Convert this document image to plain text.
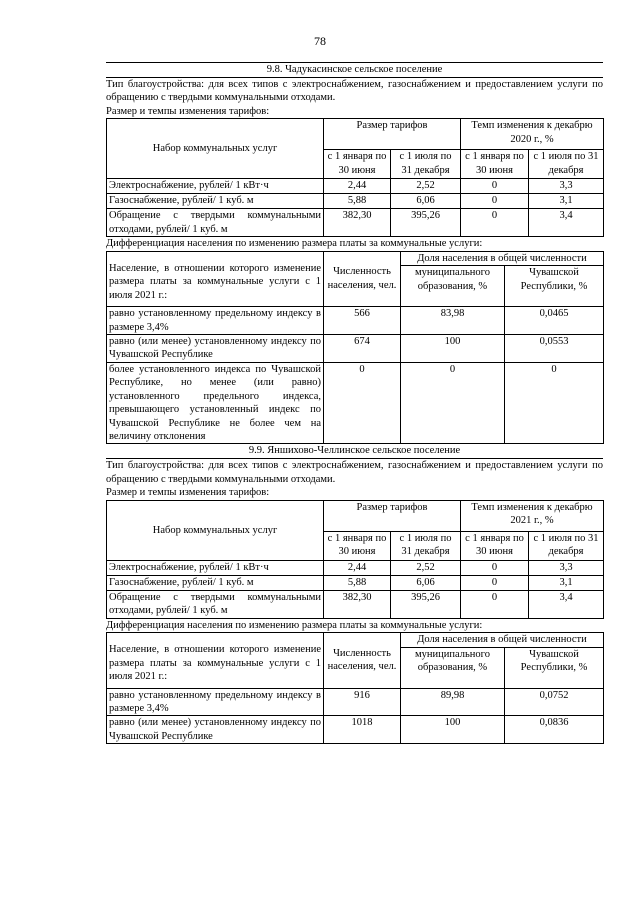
78
9.8. Чадукасинское сельское поселение
Тип благоустройства: для всех типов с электроснабжением, газоснабжением и предоставлением услуги по обращению с твердыми коммунальными отходами.
Размер и темпы изменения тарифов:
Набор коммунальных услуг	Размер тарифов		Темп изменения к декабрю 2020 г., %	
	с 1 января по 30 июня	с 1 июля по 31 декабря	с 1 января по 30 июня	с 1 июля по 31 декабря
Электроснабжение, рублей/ 1 кВт·ч	2,44	2,52	0	3,3
Газоснабжение, рублей/ 1 куб. м	5,88	6,06	0	3,1
Обращение с твердыми коммунальными отходами, рублей/ 1 куб. м	382,30	395,26	0	3,4
Дифференциация населения по изменению размера платы за коммунальные услуги:
Население, в отношении которого изменение размера платы за коммунальные услуги с 1 июля 2021 г.:	Численность населения, чел.	Доля населения в общей численности	
		муниципального образования, %	Чувашской Республики, %
равно установленному предельному индексу в размере 3,4%	566	83,98	0,0465
равно (или менее) установленному индексу по Чувашской Республике	674	100	0,0553
более установленного индекса по Чувашской Республике, но менее (или равно) установленного предельного индекса, превышающего установленный индекс по Чувашской Республике не более чем на величину отклонения	0	0	0
9.9. Яншихово-Челлинское сельское поселение
Тип благоустройства: для всех типов с электроснабжением, газоснабжением и предоставлением услуги по обращению с твердыми коммунальными отходами.
Размер и темпы изменения тарифов:
Набор коммунальных услуг	Размер тарифов		Темп изменения к декабрю 2021 г., %	
	с 1 января по 30 июня	с 1 июля по 31 декабря	с 1 января по 30 июня	с 1 июля по 31 декабря
Электроснабжение, рублей/ 1 кВт·ч	2,44	2,52	0	3,3
Газоснабжение, рублей/ 1 куб. м	5,88	6,06	0	3,1
Обращение с твердыми коммунальными отходами, рублей/ 1 куб. м	382,30	395,26	0	3,4
Дифференциация населения по изменению размера платы за коммунальные услуги:
Население, в отношении которого изменение размера платы за коммунальные услуги с 1 июля 2021 г.:	Численность населения, чел.	Доля населения в общей численности	
		муниципального образования, %	Чувашской Республики, %
равно установленному предельному индексу в размере 3,4%	916	89,98	0,0752
равно (или менее) установленному индексу по Чувашской Республике	1018	100	0,0836
